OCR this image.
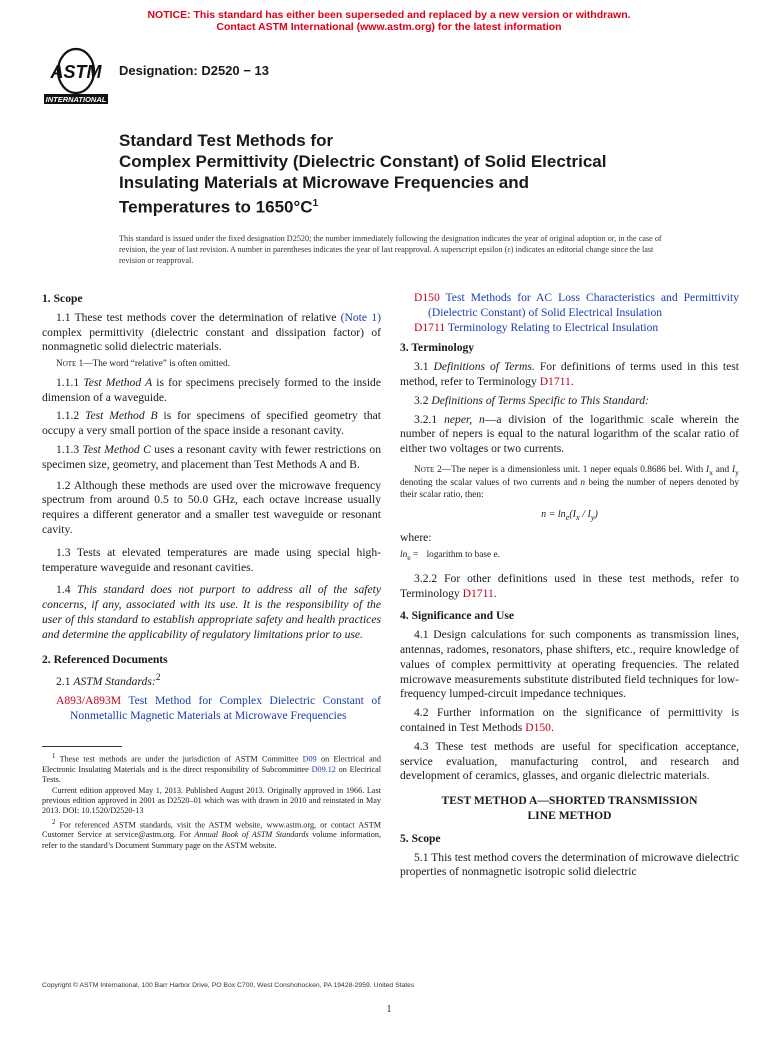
NOTICE: This standard has either been superseded and replaced by a new version or withdrawn.
Contact ASTM International (www.astm.org) for the latest information
ASTM
INTERNATIONAL
Designation: D2520 − 13
Standard Test Methods for
Complex Permittivity (Dielectric Constant) of Solid Electrical
Insulating Materials at Microwave Frequencies and
Temperatures to $1650^\circ C^1$
This standard is issued under the fixed designation D2520; the number immediately following the designation indicates the year of original adoption or, in the case of revision, the year of last revision. A number in parentheses indicates the year of last reapproval. A superscript epsilon (ε) indicates an editorial change since the last revision or reapproval.
1. Scope

1.1 These test methods cover the determination of relative (Note 1) complex permittivity (dielectric constant and dissipation factor) of nonmagnetic solid dielectric materials.

Note 1—The word “relative” is often omitted.

1.1.1 Test Method A is for specimens precisely formed to the inside dimension of a waveguide.

1.1.2 Test Method B is for specimens of specified geometry that occupy a very small portion of the space inside a resonant cavity.

1.1.3 Test Method C uses a resonant cavity with fewer restrictions on specimen size, geometry, and placement than Test Methods A and B.

1.2 Although these methods are used over the microwave frequency spectrum from around 0.5 to 50.0 GHz, each octave increase usually requires a different generator and a smaller test waveguide or resonant cavity.

1.3 Tests at elevated temperatures are made using special high-temperature waveguide and resonant cavities.

1.4 This standard does not purport to address all of the safety concerns, if any, associated with its use. It is the responsibility of the user of this standard to establish appropriate safety and health practices and determine the applicability of regulatory limitations prior to use.

2. Referenced Documents

2.1 ASTM Standards:$^2$

A893/A893M Test Method for Complex Dielectric Constant of Nonmetallic Magnetic Materials at Microwave Frequencies
$^1$ These test methods are under the jurisdiction of ASTM Committee D09 on Electrical and Electronic Insulating Materials and is the direct responsibility of Subcommittee D09.12 on Electrical Tests.
Current edition approved May 1, 2013. Published August 2013. Originally approved in 1966. Last previous edition approved in 2001 as D2520–01 which was with drawn in 2010 and reinstated in May 2013. DOI: 10.1520/D2520-13
$^2$ For referenced ASTM standards, visit the ASTM website, www.astm.org, or contact ASTM Customer Service at service@astm.org. For Annual Book of ASTM Standards volume information, refer to the standard’s Document Summary page on the ASTM website.
D150 Test Methods for AC Loss Characteristics and Permittivity (Dielectric Constant) of Solid Electrical Insulation
D1711 Terminology Relating to Electrical Insulation
3. Terminology

3.1 Definitions of Terms. For definitions of terms used in this test method, refer to Terminology D1711.

3.2 Definitions of Terms Specific to This Standard:

3.2.1 neper, n—a division of the logarithmic scale wherein the number of nepers is equal to the natural logarithm of the scalar ratio of either two voltages or two currents.

Note 2—The neper is a dimensionless unit. 1 neper equals 0.8686 bel. With $I_x$ and $I_y$ denoting the scalar values of two currents and n being the number of nepers denoted by their scalar ratio, then:
$n = \ln_e(I_x / I_y)$
where:
$\ln_e$ = logarithm to base e.

3.2.2 For other definitions used in these test methods, refer to Terminology D1711.

4. Significance and Use

4.1 Design calculations for such components as transmission lines, antennas, radomes, resonators, phase shifters, etc., require knowledge of values of complex permittivity at operating frequencies. The related microwave measurements substitute distributed field techniques for low-frequency lumped-circuit impedance techniques.

4.2 Further information on the significance of permittivity is contained in Test Methods D150.

4.3 These test methods are useful for specification acceptance, service evaluation, manufacturing control, and research and development of ceramics, glasses, and organic dielectric materials.

TEST METHOD A—SHORTED TRANSMISSION
LINE METHOD
5. Scope

5.1 This test method covers the determination of microwave dielectric properties of nonmagnetic isotropic solid dielectric

Copyright © ASTM International, 100 Barr Harbor Drive, PO Box C700, West Conshohocken, PA 19428-2959. United States
1
